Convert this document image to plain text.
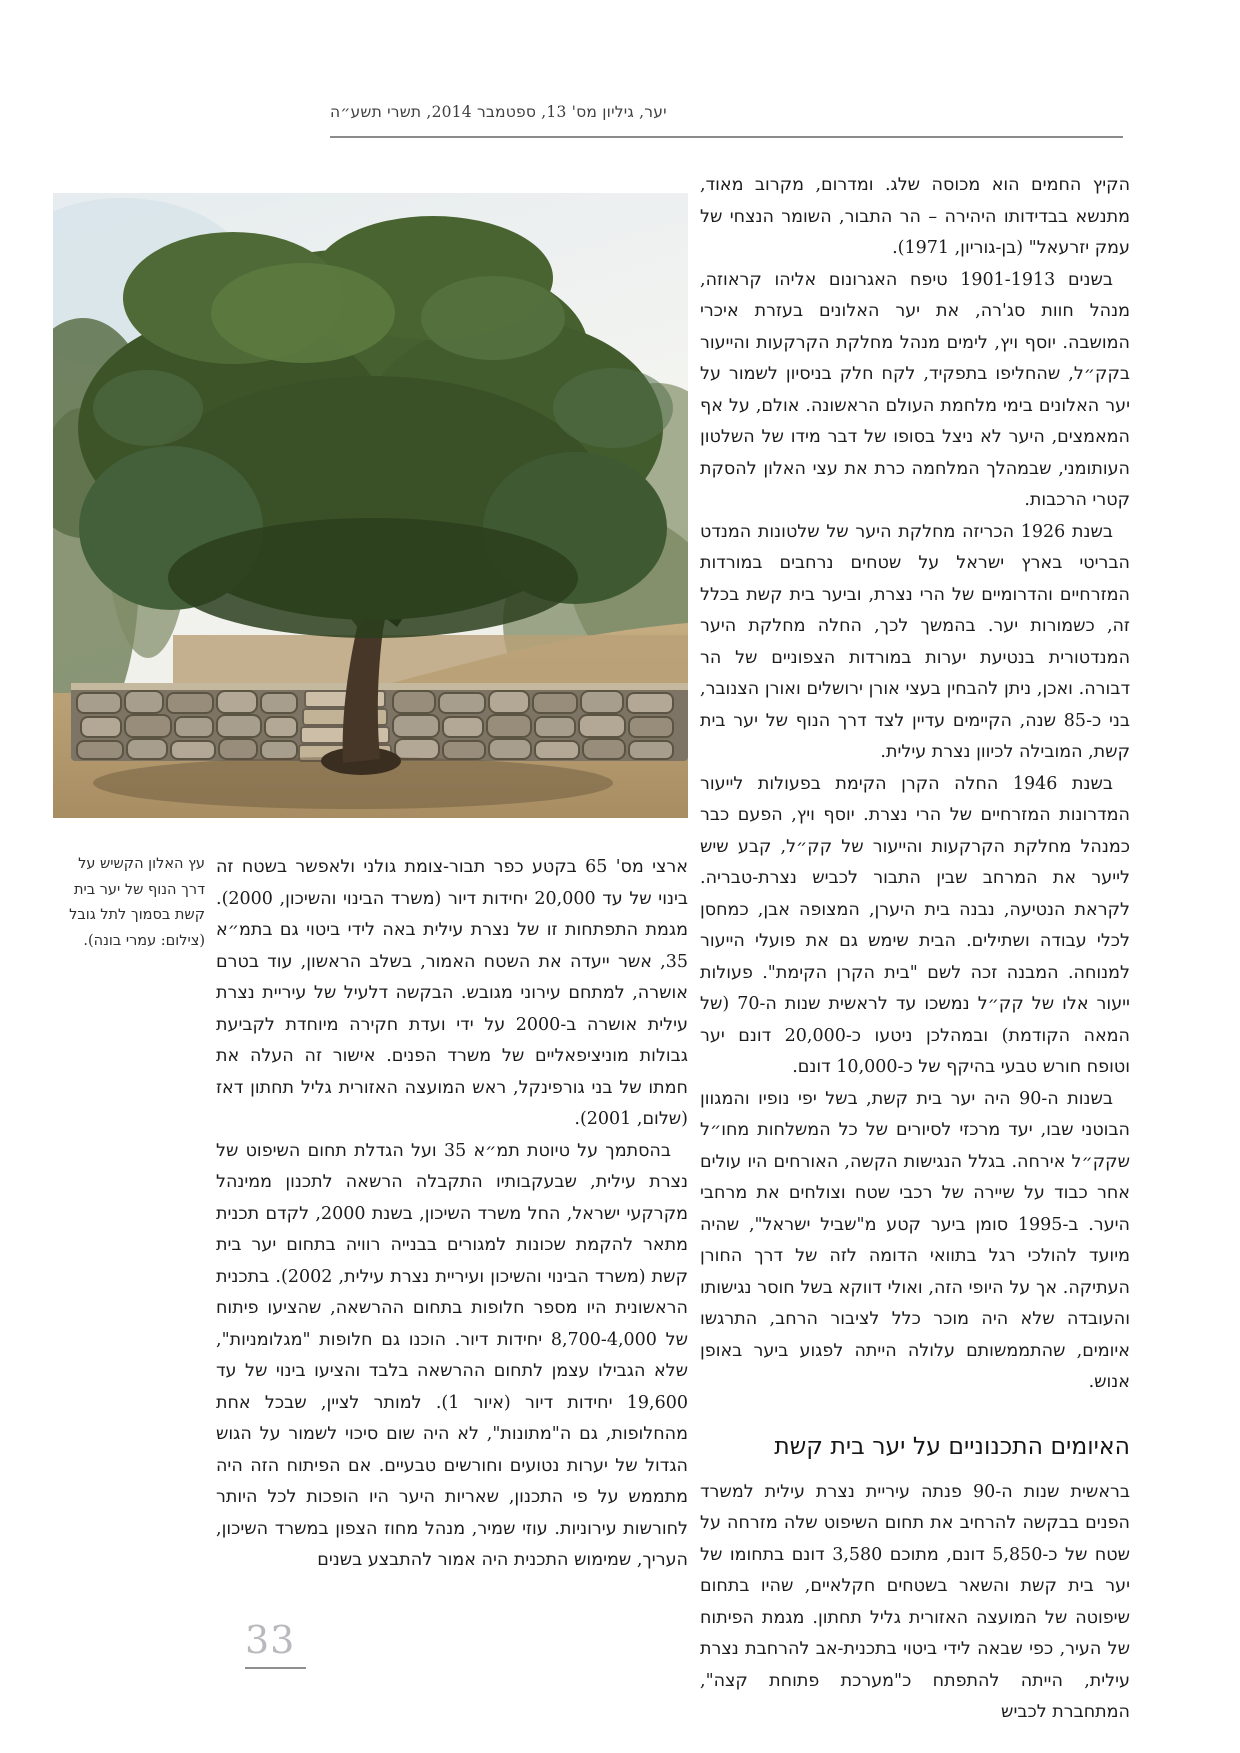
יער, גיליון מס' 13, ספטמבר 2014, תשרי תשע״ה
עץ האלון הקשיש על דרך הנוף של יער בית קשת בסמוך לתל גובל (צילום: עמרי בונה).

הקיץ החמים הוא מכוסה שלג. ומדרום, מקרוב מאוד, מתנשא בבדידותו היהירה – הר התבור, השומר הנצחי של עמק יזרעאל" (בן-גוריון, 1971).

בשנים 1901-1913 טיפח האגרונום אליהו קראוזה, מנהל חוות סג'רה, את יער האלונים בעזרת איכרי המושבה. יוסף ויץ, לימים מנהל מחלקת הקרקעות והייעור בקק״ל, שהחליפו בתפקיד, לקח חלק בניסיון לשמור על יער האלונים בימי מלחמת העולם הראשונה. אולם, על אף המאמצים, היער לא ניצל בסופו של דבר מידו של השלטון העותומני, שבמהלך המלחמה כרת את עצי האלון להסקת קטרי הרכבות.

בשנת 1926 הכריזה מחלקת היער של שלטונות המנדט הבריטי בארץ ישראל על שטחים נרחבים במורדות המזרחיים והדרומיים של הרי נצרת, וביער בית קשת בכלל זה, כשמורות יער. בהמשך לכך, החלה מחלקת היער המנדטורית בנטיעת יערות במורדות הצפוניים של הר דבורה. ואכן, ניתן להבחין בעצי אורן ירושלים ואורן הצנובר, בני כ-85 שנה, הקיימים עדיין לצד דרך הנוף של יער בית קשת, המובילה לכיוון נצרת עילית.

בשנת 1946 החלה הקרן הקימת בפעולות לייעור המדרונות המזרחיים של הרי נצרת. יוסף ויץ, הפעם כבר כמנהל מחלקת הקרקעות והייעור של קק״ל, קבע שיש לייער את המרחב שבין התבור לכביש נצרת-טבריה. לקראת הנטיעה, נבנה בית היערן, המצופה אבן, כמחסן לכלי עבודה ושתילים. הבית שימש גם את פועלי הייעור למנוחה. המבנה זכה לשם "בית הקרן הקימת". פעולות ייעור אלו של קק״ל נמשכו עד לראשית שנות ה-70 (של המאה הקודמת) ובמהלכן ניטעו כ-20,000 דונם יער וטופח חורש טבעי בהיקף של כ-10,000 דונם.

בשנות ה-90 היה יער בית קשת, בשל יפי נופיו והמגוון הבוטני שבו, יעד מרכזי לסיורים של כל המשלחות מחו״ל שקק״ל אירחה. בגלל הנגישות הקשה, האורחים היו עולים אחר כבוד על שיירה של רכבי שטח וצולחים את מרחבי היער. ב-1995 סומן ביער קטע מ"שביל ישראל", שהיה מיועד להולכי רגל בתוואי הדומה לזה של דרך החורן העתיקה. אך על היופי הזה, ואולי דווקא בשל חוסר נגישותו והעובדה שלא היה מוכר כלל לציבור הרחב, התרגשו איומים, שהתממשותם עלולה הייתה לפגוע ביער באופן אנוש.

האיומים התכנוניים על יער בית קשת

בראשית שנות ה-90 פנתה עיריית נצרת עילית למשרד הפנים בבקשה להרחיב את תחום השיפוט שלה מזרחה על שטח של כ-5,850 דונם, מתוכם 3,580 דונם בתחומו של יער בית קשת והשאר בשטחים חקלאיים, שהיו בתחום שיפוטה של המועצה האזורית גליל תחתון. מגמת הפיתוח של העיר, כפי שבאה לידי ביטוי בתכנית-אב להרחבת נצרת עילית, הייתה להתפתח כ"מערכת פתוחת קצה", המתחברת לכביש

ארצי מס' 65 בקטע כפר תבור-צומת גולני ולאפשר בשטח זה בינוי של עד 20,000 יחידות דיור (משרד הבינוי והשיכון, 2000). מגמת התפתחות זו של נצרת עילית באה לידי ביטוי גם בתמ״א 35, אשר ייעדה את השטח האמור, בשלב הראשון, עוד בטרם אושרה, למתחם עירוני מגובש. הבקשה דלעיל של עיריית נצרת עילית אושרה ב-2000 על ידי ועדת חקירה מיוחדת לקביעת גבולות מוניציפאליים של משרד הפנים. אישור זה העלה את חמתו של בני גורפינקל, ראש המועצה האזורית גליל תחתון דאז (שלום, 2001).

בהסתמך על טיוטת תמ״א 35 ועל הגדלת תחום השיפוט של נצרת עילית, שבעקבותיו התקבלה הרשאה לתכנון ממינהל מקרקעי ישראל, החל משרד השיכון, בשנת 2000, לקדם תכנית מתאר להקמת שכונות למגורים בבנייה רוויה בתחום יער בית קשת (משרד הבינוי והשיכון ועיריית נצרת עילית, 2002). בתכנית הראשונית היו מספר חלופות בתחום ההרשאה, שהציעו פיתוח של 8,700-4,000 יחידות דיור. הוכנו גם חלופות "מגלומניות", שלא הגבילו עצמן לתחום ההרשאה בלבד והציעו בינוי של עד 19,600 יחידות דיור (איור 1). למותר לציין, שבכל אחת מהחלופות, גם ה"מתונות", לא היה שום סיכוי לשמור על הגוש הגדול של יערות נטועים וחורשים טבעיים. אם הפיתוח הזה היה מתממש על פי התכנון, שאריות היער היו הופכות לכל היותר לחורשות עירוניות. עוזי שמיר, מנהל מחוז הצפון במשרד השיכון, העריך, שמימוש התכנית היה אמור להתבצע בשנים

33
